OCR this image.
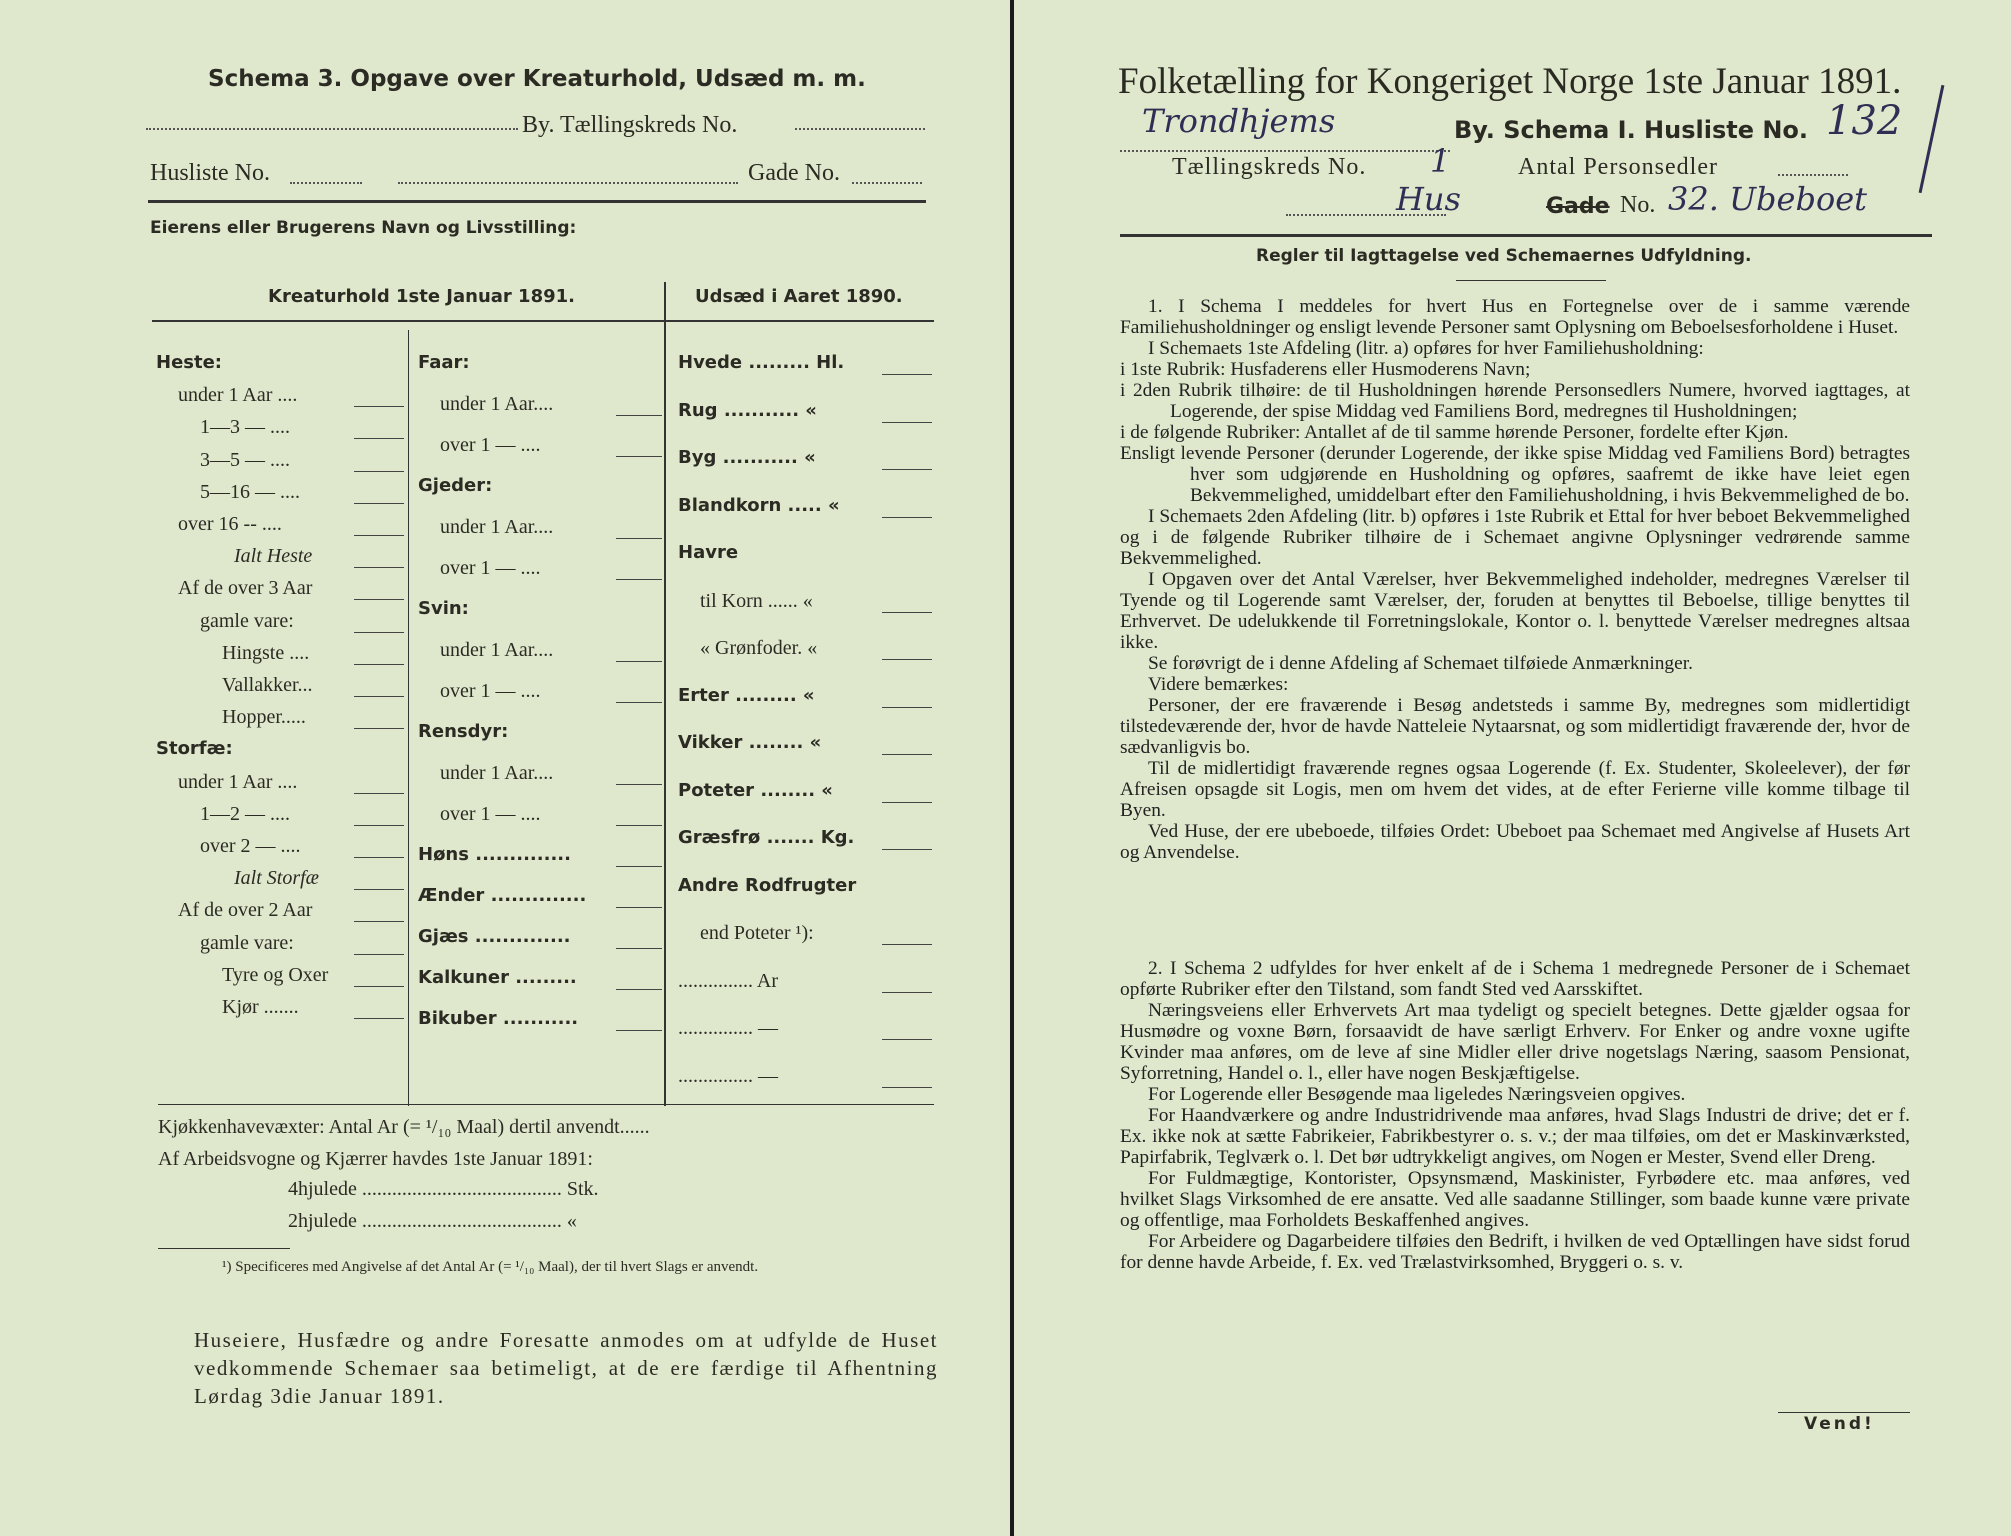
Schema 3. Opgave over Kreaturhold, Udsæd m. m.
By. Tællingskreds No.
Husliste No.	Gade No.
Eierens eller Brugerens Navn og Livsstilling:
Kreaturhold 1ste Januar 1891.	Udsæd i Aaret 1890.
Heste:
under 1 Aar ....
1—3 — ....
3—5 — ....
5—16 — ....
over 16 -- ....
Ialt Heste
Af de over 3 Aar
gamle vare:
Hingste ....
Vallakker...
Hopper.....
Storfæ:
under 1 Aar ....
1—2 — ....
over 2 — ....
Ialt Storfæ
Af de over 2 Aar
gamle vare:
Tyre og Oxer
Kjør .......
Faar:
under 1 Aar....
over 1 — ....
Gjeder:
under 1 Aar....
over 1 — ....
Svin:
under 1 Aar....
over 1 — ....
Rensdyr:
under 1 Aar....
over 1 — ....
Høns ..............
Ænder ..............
Gjæs ..............
Kalkuner .........
Bikuber ...........
Hvede ......... Hl.
Rug ........... «
Byg ........... «
Blandkorn ..... «
Havre
til Korn ...... «
« Grønfoder. «
Erter ......... «
Vikker ........ «
Poteter ........ «
Græsfrø ....... Kg.
Andre Rodfrugter
end Poteter ¹):
............... Ar
............... —
............... —
Kjøkkenhavevæxter: Antal Ar (= ¹/₁₀ Maal) dertil anvendt......
Af Arbeidsvogne og Kjærrer havdes 1ste Januar 1891:
4hjulede ........................................ Stk.
2hjulede ........................................ «
¹) Specificeres med Angivelse af det Antal Ar (= ¹/₁₀ Maal), der til hvert Slags er anvendt.
Huseiere, Husfædre og andre Foresatte anmodes om at udfylde de Huset vedkommende Schemaer saa betimeligt, at de ere færdige til Afhentning Lørdag 3die Januar 1891.
Folketælling for Kongeriget Norge 1ste Januar 1891.
Trondhjems	By. Schema I. Husliste No. 132
Tællingskreds No. 1	Antal Personsedler
Hus	Gade No. 32. Ubeboet
Regler til Iagttagelse ved Schemaernes Udfyldning.

1. I Schema I meddeles for hvert Hus en Fortegnelse over de i samme værende Familiehusholdninger og ensligt levende Personer samt Oplysning om Beboelsesforholdene i Huset.

I Schemaets 1ste Afdeling (litr. a) opføres for hver Familiehusholdning:

i 1ste Rubrik: Husfaderens eller Husmoderens Navn;

i 2den Rubrik tilhøire: de til Husholdningen hørende Personsedlers Numere, hvorved iagttages, at Logerende, der spise Middag ved Familiens Bord, medregnes til Husholdningen;

i de følgende Rubriker: Antallet af de til samme hørende Personer, fordelte efter Kjøn.

Ensligt levende Personer (derunder Logerende, der ikke spise Middag ved Familiens Bord) betragtes hver som udgjørende en Husholdning og opføres, saafremt de ikke have leiet egen Bekvemmelighed, umiddelbart efter den Familiehusholdning, i hvis Bekvemmelighed de bo.

I Schemaets 2den Afdeling (litr. b) opføres i 1ste Rubrik et Ettal for hver beboet Bekvemmelighed og i de følgende Rubriker tilhøire de i Schemaet angivne Oplysninger vedrørende samme Bekvemmelighed.

I Opgaven over det Antal Værelser, hver Bekvemmelighed indeholder, medregnes Værelser til Tyende og til Logerende samt Værelser, der, foruden at benyttes til Beboelse, tillige benyttes til Erhvervet. De udelukkende til Forretningslokale, Kontor o. l. benyttede Værelser medregnes altsaa ikke.

Se forøvrigt de i denne Afdeling af Schemaet tilføiede Anmærkninger.

Videre bemærkes:

Personer, der ere fraværende i Besøg andetsteds i samme By, medregnes som midlertidigt tilstedeværende der, hvor de havde Natteleie Nytaarsnat, og som midlertidigt fraværende der, hvor de sædvanligvis bo.

Til de midlertidigt fraværende regnes ogsaa Logerende (f. Ex. Studenter, Skoleelever), der før Afreisen opsagde sit Logis, men om hvem det vides, at de efter Ferierne ville komme tilbage til Byen.

Ved Huse, der ere ubeboede, tilføies Ordet: Ubeboet paa Schemaet med Angivelse af Husets Art og Anvendelse.

2. I Schema 2 udfyldes for hver enkelt af de i Schema 1 medregnede Personer de i Schemaet opførte Rubriker efter den Tilstand, som fandt Sted ved Aarsskiftet.

Næringsveiens eller Erhvervets Art maa tydeligt og specielt betegnes. Dette gjælder ogsaa for Husmødre og voxne Børn, forsaavidt de have særligt Erhverv. For Enker og andre voxne ugifte Kvinder maa anføres, om de leve af sine Midler eller drive nogetslags Næring, saasom Pensionat, Syforretning, Handel o. l., eller have nogen Beskjæftigelse.

For Logerende eller Besøgende maa ligeledes Næringsveien opgives.

For Haandværkere og andre Industridrivende maa anføres, hvad Slags Industri de drive; det er f. Ex. ikke nok at sætte Fabrikeier, Fabrikbestyrer o. s. v.; der maa tilføies, om det er Maskinværksted, Papirfabrik, Teglværk o. l. Det bør udtrykkeligt angives, om Nogen er Mester, Svend eller Dreng.

For Fuldmægtige, Kontorister, Opsynsmænd, Maskinister, Fyrbødere etc. maa anføres, ved hvilket Slags Virksomhed de ere ansatte. Ved alle saadanne Stillinger, som baade kunne være private og offentlige, maa Forholdets Beskaffenhed angives.

For Arbeidere og Dagarbeidere tilføies den Bedrift, i hvilken de ved Optællingen have sidst forud for denne havde Arbeide, f. Ex. ved Trælastvirksomhed, Bryggeri o. s. v.

Vend!
